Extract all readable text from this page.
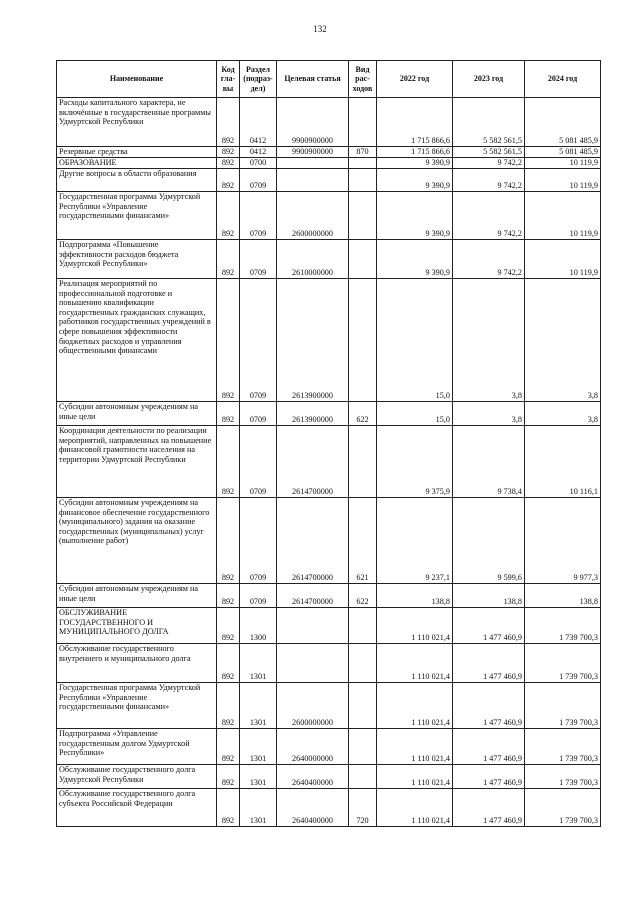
132
Наименование	Код гла- вы	Раздел (подраз- дел)	Целевая статья	Вид рас- ходов	2022 год	2023 год	2024 год
Расходы капитального характера, не включённые в государственные программы Удмуртской Республики	892	0412	9900900000		1 715 866,6	5 582 561,5	5 081 485,9
Резервные средства	892	0412	9900900000	870	1 715 866,6	5 582 561,5	5 081 485,9
ОБРАЗОВАНИЕ	892	0700			9 390,9	9 742,2	10 119,9
Другие вопросы в области образования	892	0709			9 390,9	9 742,2	10 119,9
Государственная программа Удмуртской Республики «Управление государственными финансами»	892	0709	2600000000		9 390,9	9 742,2	10 119,9
Подпрограмма «Повышение эффективности расходов бюджета Удмуртской Республики»	892	0709	2610000000		9 390,9	9 742,2	10 119,9
Реализация мероприятий по профессиональной подготовке и повышению квалификации государственных гражданских служащих, работников государственных учреждений в сфере повышения эффективности бюджетных расходов и управления общественными финансами	892	0709	2613900000		15,0	3,8	3,8
Субсидии автономным учреждениям на иные цели	892	0709	2613900000	622	15,0	3,8	3,8
Координация деятельности по реализации мероприятий, направленных на повышение финансовой грамотности населения на территории Удмуртской Республики	892	0709	2614700000		9 375,9	9 738,4	10 116,1
Субсидии автономным учреждениям на финансовое обеспечение государственного (муниципального) задания на оказание государственных (муниципальных) услуг (выполнение работ)	892	0709	2614700000	621	9 237,1	9 599,6	9 977,3
Субсидии автономным учреждениям на иные цели	892	0709	2614700000	622	138,8	138,8	138,8
ОБСЛУЖИВАНИЕ ГОСУДАРСТВЕННОГО И МУНИЦИПАЛЬНОГО ДОЛГА	892	1300			1 110 021,4	1 477 460,9	1 739 700,3
Обслуживание государственного внутреннего и муниципального долга	892	1301			1 110 021,4	1 477 460,9	1 739 700,3
Государственная программа Удмуртской Республики «Управление государственными финансами»	892	1301	2600000000		1 110 021,4	1 477 460,9	1 739 700,3
Подпрограмма «Управление государственным долгом Удмуртской Республики»	892	1301	2640000000		1 110 021,4	1 477 460,9	1 739 700,3
Обслуживание государственного долга Удмуртской Республики	892	1301	2640400000		1 110 021,4	1 477 460,9	1 739 700,3
Обслуживание государственного долга субъекта Российской Федерации	892	1301	2640400000	720	1 110 021,4	1 477 460,9	1 739 700,3
